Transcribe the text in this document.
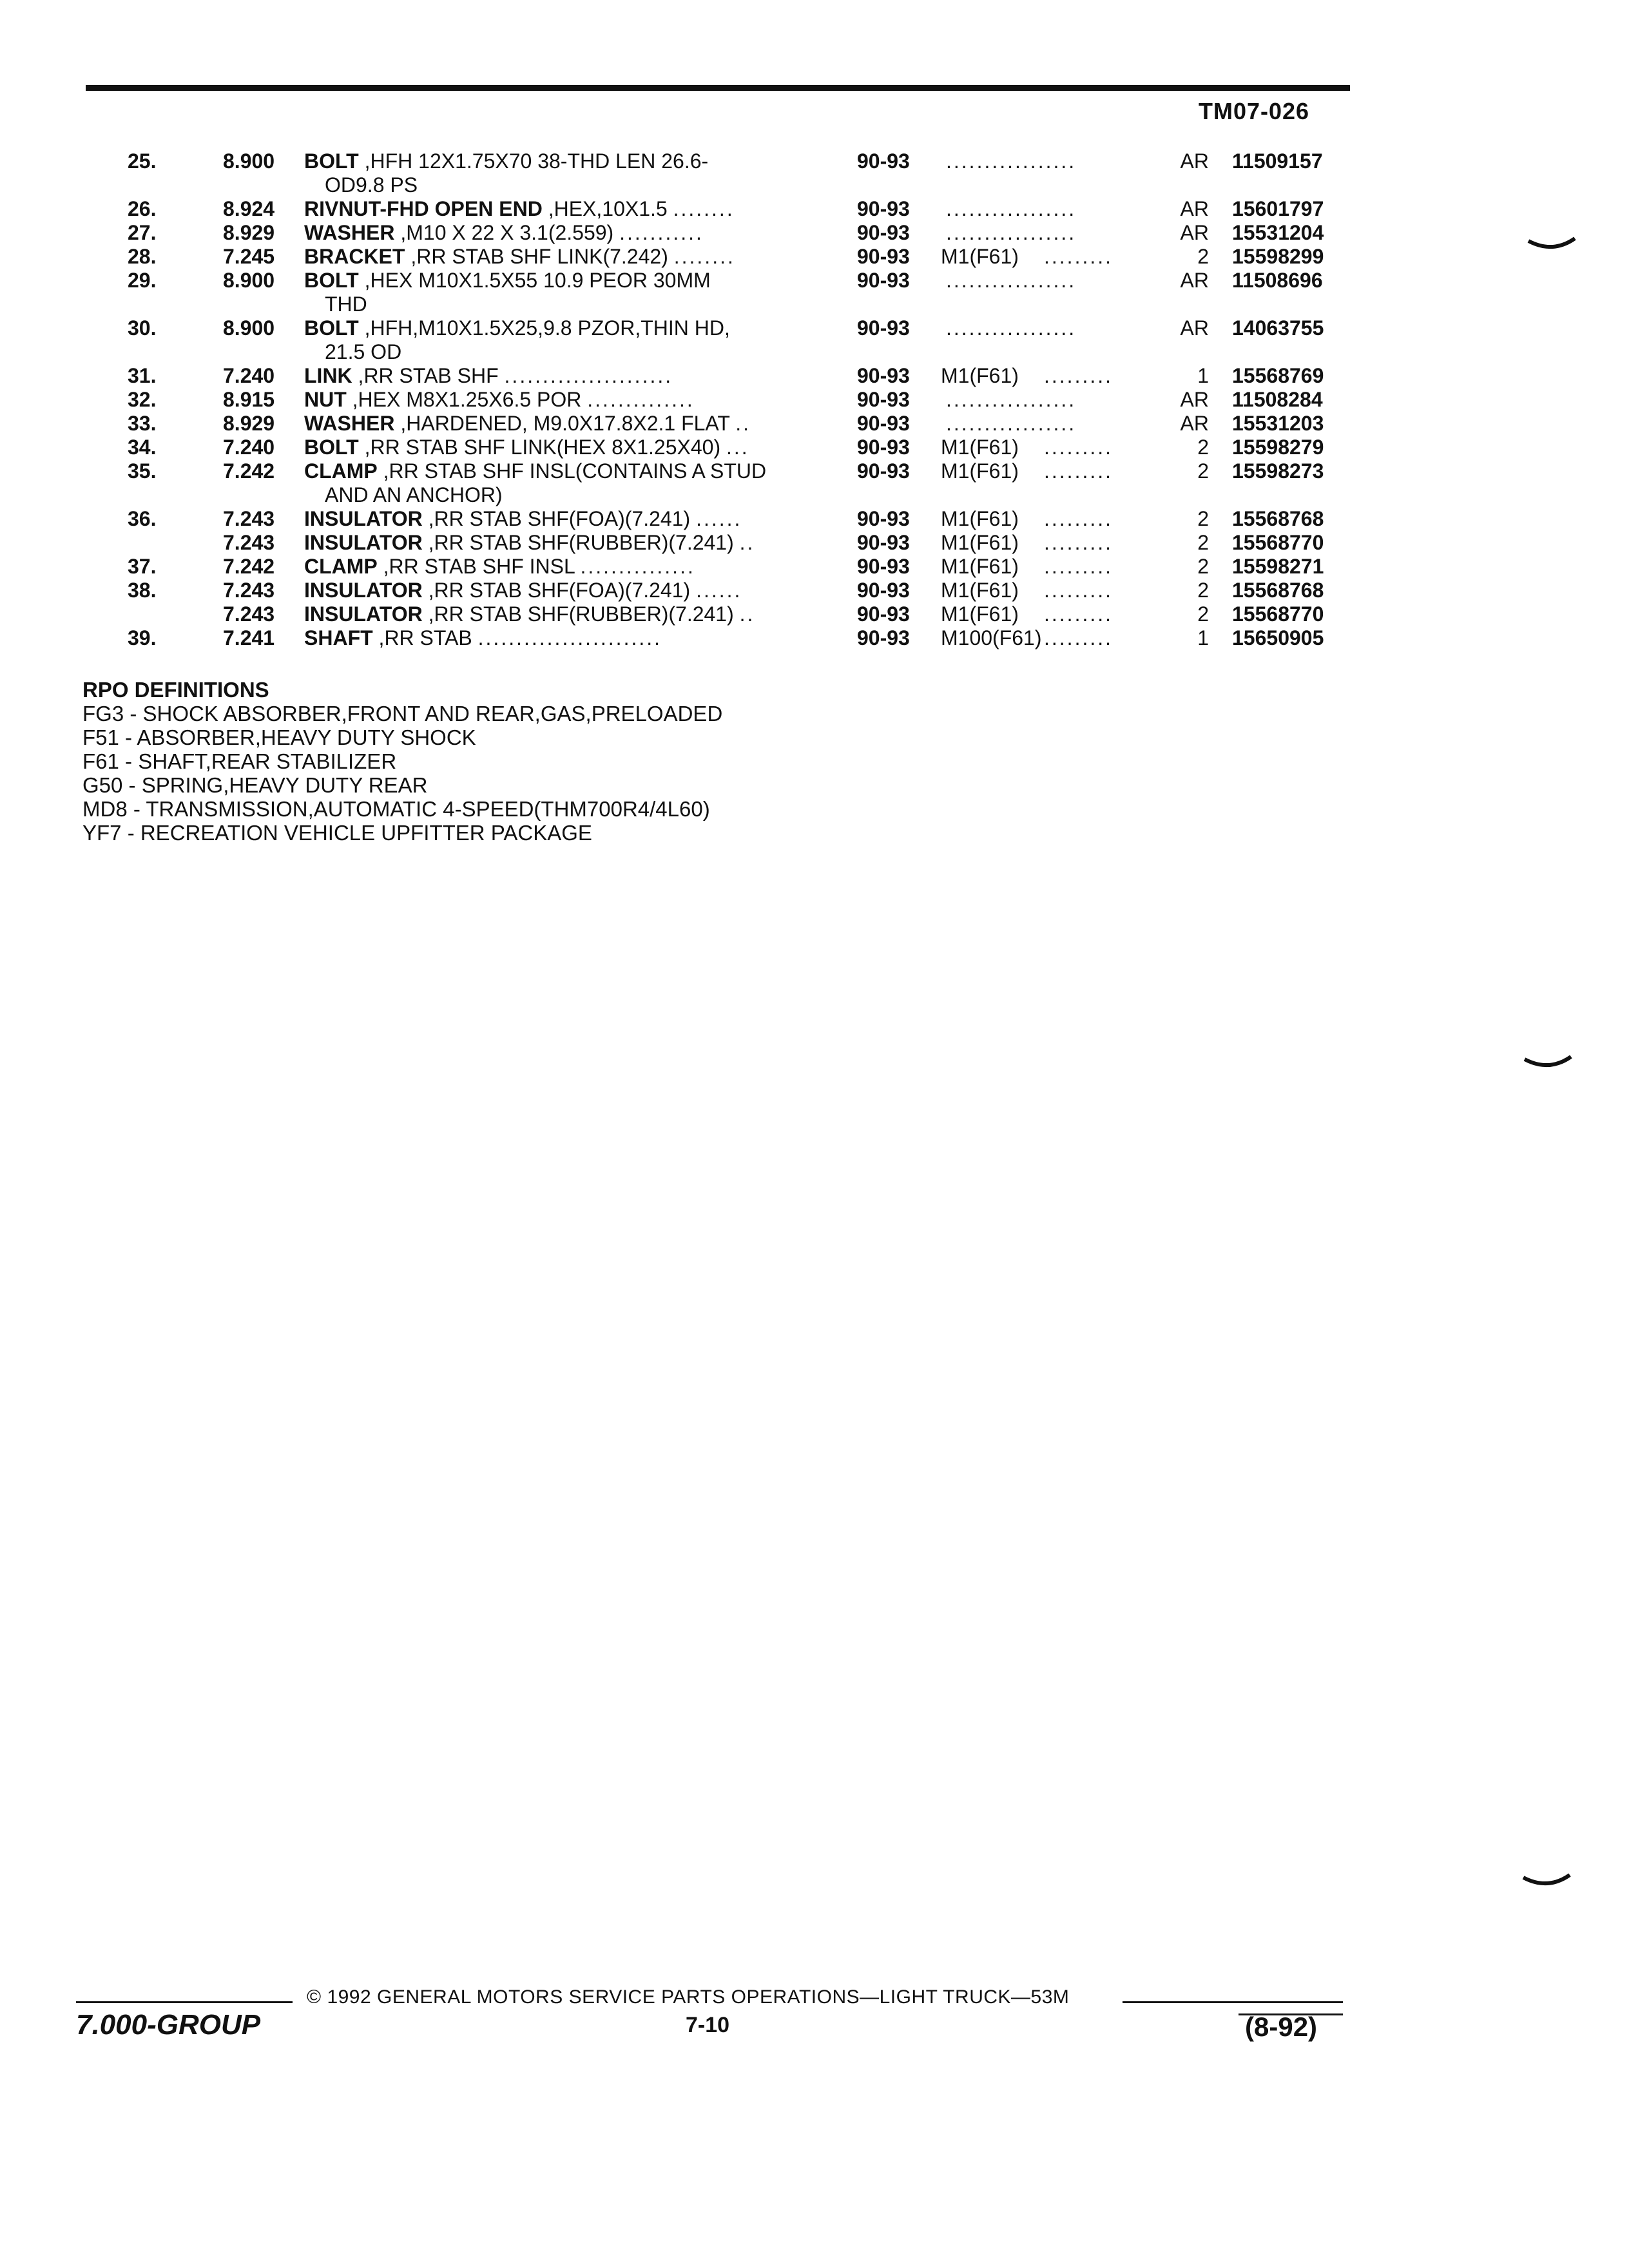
TM07-026
25.	8.900 BOLT ,HFH 12X1.75X70 38-THD LEN 26.6-
OD9.8 PS
90-93 .................	AR 11509157
26.	8.924 RIVNUT-FHD OPEN END ,HEX,10X1.5 ........	90-93 .................	AR 15601797
27.	8.929 WASHER ,M10 X 22 X 3.1(2.559) ...........	90-93 .................	AR 15531204
28.	7.245 BRACKET ,RR STAB SHF LINK(7.242) ........	90-93 M1(F61) .........	2 15598299
29.	8.900 BOLT ,HEX M10X1.5X55 10.9 PEOR 30MM
THD
90-93 .................	AR 11508696
30.	8.900 BOLT ,HFH,M10X1.5X25,9.8 PZOR,THIN HD,
21.5 OD
90-93 .................	AR 14063755
31.	7.240 LINK ,RR STAB SHF ......................	90-93 M1(F61) .........	1 15568769
32.	8.915 NUT ,HEX M8X1.25X6.5 POR ..............	90-93 .................	AR 11508284
33.	8.929 WASHER ,HARDENED, M9.0X17.8X2.1 FLAT ..	90-93 .................	AR 15531203
34.	7.240 BOLT ,RR STAB SHF LINK(HEX 8X1.25X40) ...	90-93 M1(F61) .........	2 15598279
35.	7.242 CLAMP ,RR STAB SHF INSL(CONTAINS A STUD
AND AN ANCHOR)
90-93 M1(F61) .........	2 15598273
36.	7.243 INSULATOR ,RR STAB SHF(FOA)(7.241) ......	90-93 M1(F61) .........	2 15568768
7.243 INSULATOR ,RR STAB SHF(RUBBER)(7.241) ..	90-93 M1(F61) .........	2 15568770
37.	7.242 CLAMP ,RR STAB SHF INSL ...............	90-93 M1(F61) .........	2 15598271
38.	7.243 INSULATOR ,RR STAB SHF(FOA)(7.241) ......	90-93 M1(F61) .........	2 15568768
7.243 INSULATOR ,RR STAB SHF(RUBBER)(7.241) ..	90-93 M1(F61) .........	2 15568770
39.	7.241 SHAFT ,RR STAB ........................	90-93 M100(F61) .........	1 15650905
RPO DEFINITIONS
FG3 - SHOCK ABSORBER,FRONT AND REAR,GAS,PRELOADED
F51 - ABSORBER,HEAVY DUTY SHOCK
F61 - SHAFT,REAR STABILIZER
G50 - SPRING,HEAVY DUTY REAR
MD8 - TRANSMISSION,AUTOMATIC 4-SPEED(THM700R4/4L60)
YF7 - RECREATION VEHICLE UPFITTER PACKAGE
© 1992 GENERAL MOTORS SERVICE PARTS OPERATIONS—LIGHT TRUCK—53M
7.000-GROUP	7-10	(8-92)
